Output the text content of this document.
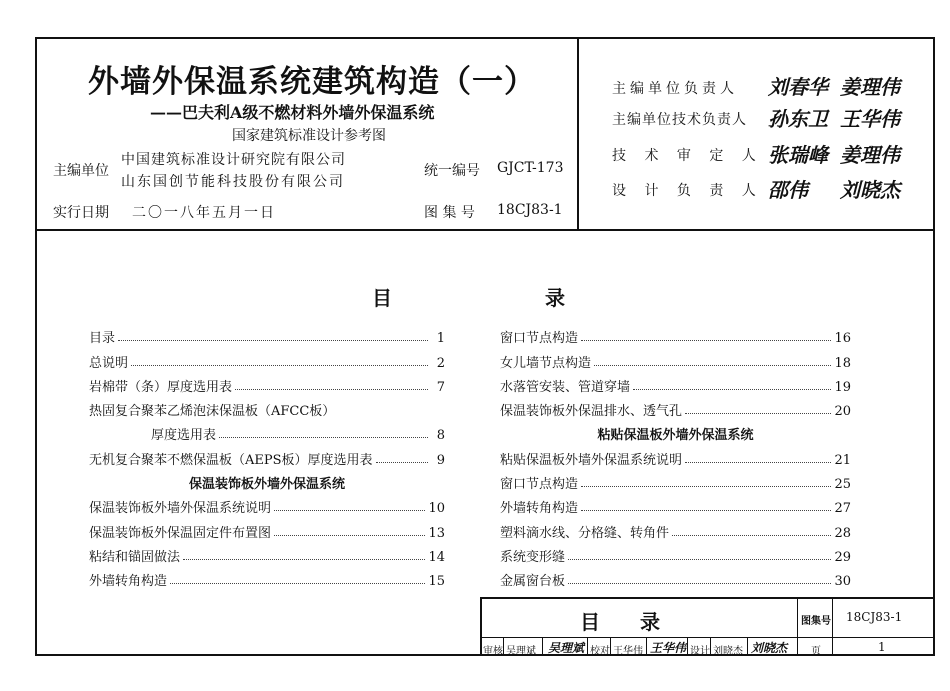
外墙外保温系统建筑构造（一）
——巴夫利A级不燃材料外墙外保温系统
国家建筑标准设计参考图
主编单位
中国建筑标准设计研究院有限公司
山东国创节能科技股份有限公司
统一编号 GJCT-173
实行日期 二〇一八年五月一日	图 集 号 18CJ83-1
主编单位负责人 刘春华 姜理伟
主编单位技术负责人 孙东卫 王华伟
技 术 审 定 人 张瑞峰 姜理伟
设 计 负 责 人 邵伟 刘晓杰
目	录
目录	1
总说明	2
岩棉带（条）厚度选用表	7
热固复合聚苯乙烯泡沫保温板（AFCC板）
厚度选用表	8
无机复合聚苯不燃保温板（AEPS板）厚度选用表	9
保温装饰板外墙外保温系统
保温装饰板外墙外保温系统说明	10
保温装饰板外保温固定件布置图	13
粘结和锚固做法	14
外墙转角构造	15
窗口节点构造	16
女儿墙节点构造	18
水落管安装、管道穿墙	19
保温装饰板外保温排水、透气孔	20
粘贴保温板外墙外保温系统
粘贴保温板外墙外保温系统说明	21
窗口节点构造	25
外墙转角构造	27
塑料滴水线、分格缝、转角件	28
系统变形缝	29
金属窗台板	30
目录	图集号 18CJ83-1
审核 吴理斌 吴理斌 校对 王华伟 王华伟 设计 刘晓杰 刘晓杰 页	1
